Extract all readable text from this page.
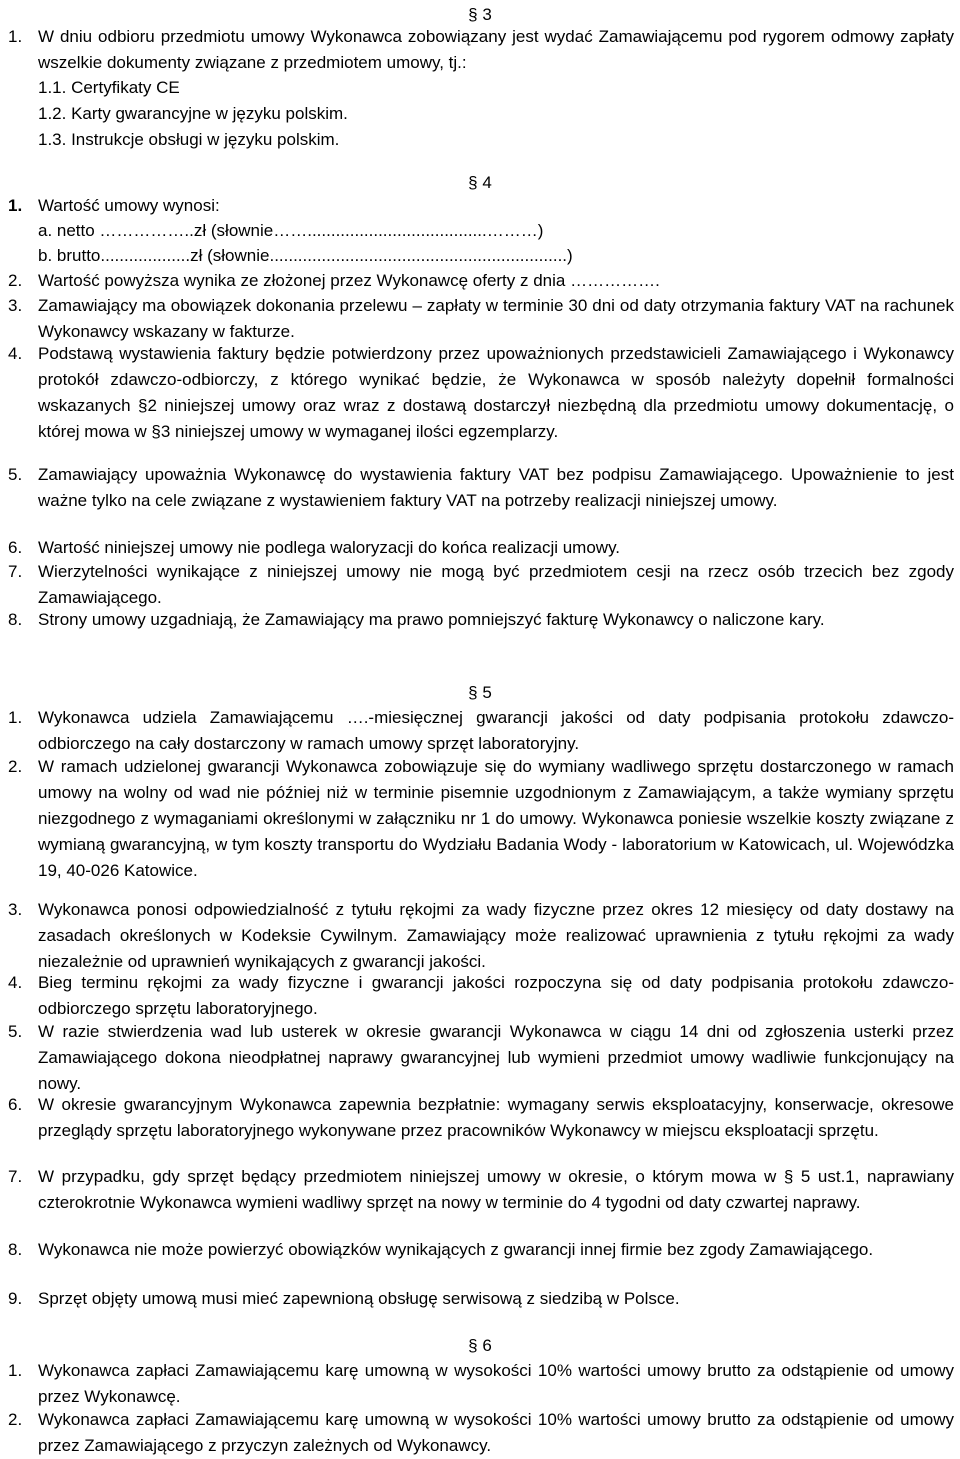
§ 3
1. W dniu odbioru przedmiotu umowy Wykonawca zobowiązany jest wydać Zamawiającemu pod rygorem odmowy zapłaty wszelkie dokumenty związane z przedmiotem umowy, tj.:
1.1. Certyfikaty CE
1.2. Karty gwarancyjne w języku polskim.
1.3. Instrukcje obsługi w języku polskim.
§ 4
1. Wartość umowy wynosi:
a. netto ……………..zł (słownie……......................................………)
b. brutto...................zł (słownie...............................................................)
2. Wartość powyższa wynika ze złożonej przez Wykonawcę oferty z dnia …………….
3. Zamawiający ma obowiązek dokonania przelewu – zapłaty w terminie 30 dni od daty otrzymania faktury VAT na rachunek Wykonawcy wskazany w fakturze.
4. Podstawą wystawienia faktury będzie potwierdzony przez upoważnionych przedstawicieli Zamawiającego i Wykonawcy protokół zdawczo-odbiorczy, z którego wynikać będzie, że Wykonawca w sposób należyty dopełnił formalności wskazanych §2 niniejszej umowy oraz wraz z dostawą dostarczył niezbędną dla przedmiotu umowy dokumentację, o której mowa w §3 niniejszej umowy w wymaganej ilości egzemplarzy.
5. Zamawiający upoważnia Wykonawcę do wystawienia faktury VAT bez podpisu Zamawiającego. Upoważnienie to jest ważne tylko na cele związane z wystawieniem faktury VAT na potrzeby realizacji niniejszej umowy.
6. Wartość niniejszej umowy nie podlega waloryzacji do końca realizacji umowy.
7. Wierzytelności wynikające z niniejszej umowy nie mogą być przedmiotem cesji na rzecz osób trzecich bez zgody Zamawiającego.
8. Strony umowy uzgadniają, że Zamawiający ma prawo pomniejszyć fakturę Wykonawcy o naliczone kary.
§ 5
1. Wykonawca udziela Zamawiającemu ….-miesięcznej gwarancji jakości od daty podpisania protokołu zdawczo-odbiorczego na cały dostarczony w ramach umowy sprzęt laboratoryjny.
2. W ramach udzielonej gwarancji Wykonawca zobowiązuje się do wymiany wadliwego sprzętu dostarczonego w ramach umowy na wolny od wad nie później niż w terminie pisemnie uzgodnionym z Zamawiającym, a także wymiany sprzętu niezgodnego z wymaganiami określonymi w załączniku nr 1 do umowy. Wykonawca poniesie wszelkie koszty związane z wymianą gwarancyjną, w tym koszty transportu do Wydziału Badania Wody - laboratorium w Katowicach, ul. Wojewódzka 19, 40-026 Katowice.
3. Wykonawca ponosi odpowiedzialność z tytułu rękojmi za wady fizyczne przez okres 12 miesięcy od daty dostawy na zasadach określonych w Kodeksie Cywilnym. Zamawiający może realizować uprawnienia z tytułu rękojmi za wady niezależnie od uprawnień wynikających z gwarancji jakości.
4. Bieg terminu rękojmi za wady fizyczne i gwarancji jakości rozpoczyna się od daty podpisania protokołu zdawczo-odbiorczego sprzętu laboratoryjnego.
5. W razie stwierdzenia wad lub usterek w okresie gwarancji Wykonawca w ciągu 14 dni od zgłoszenia usterki przez Zamawiającego dokona nieodpłatnej naprawy gwarancyjnej lub wymieni przedmiot umowy wadliwie funkcjonujący na nowy.
6. W okresie gwarancyjnym Wykonawca zapewnia bezpłatnie: wymagany serwis eksploatacyjny, konserwacje, okresowe przeglądy sprzętu laboratoryjnego wykonywane przez pracowników Wykonawcy w miejscu eksploatacji sprzętu.
7. W przypadku, gdy sprzęt będący przedmiotem niniejszej umowy w okresie, o którym mowa w § 5 ust.1, naprawiany czterokrotnie Wykonawca wymieni wadliwy sprzęt na nowy w terminie do 4 tygodni od daty czwartej naprawy.
8. Wykonawca nie może powierzyć obowiązków wynikających z gwarancji innej firmie bez zgody Zamawiającego.
9. Sprzęt objęty umową musi mieć zapewnioną obsługę serwisową z siedzibą w Polsce.
§ 6
1. Wykonawca zapłaci Zamawiającemu karę umowną w wysokości 10% wartości umowy brutto za odstąpienie od umowy przez Wykonawcę.
2. Wykonawca zapłaci Zamawiającemu karę umowną w wysokości 10% wartości umowy brutto za odstąpienie od umowy przez Zamawiającego z przyczyn zależnych od Wykonawcy.
